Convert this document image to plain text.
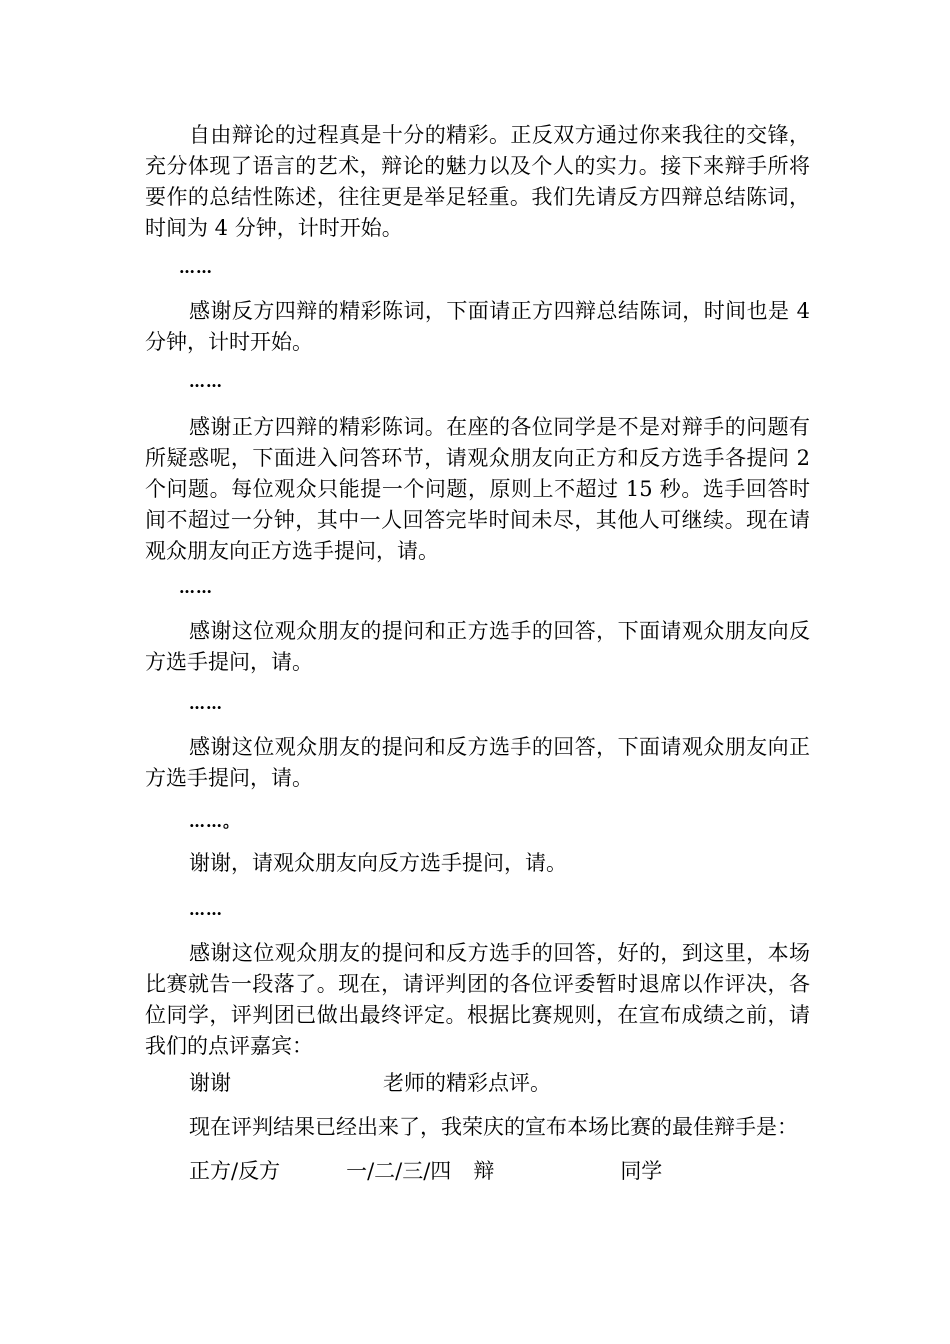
自由辩论的过程真是十分的精彩。正反双方通过你来我往的交锋，充分体现了语言的艺术，辩论的魅力以及个人的实力。接下来辩手所将要作的总结性陈述，往往更是举足轻重。我们先请反方四辩总结陈词，时间为 4 分钟，计时开始。

……

感谢反方四辩的精彩陈词，下面请正方四辩总结陈词，时间也是 4 分钟，计时开始。

……

感谢正方四辩的精彩陈词。在座的各位同学是不是对辩手的问题有所疑惑呢，下面进入问答环节，请观众朋友向正方和反方选手各提问 2 个问题。每位观众只能提一个问题，原则上不超过 15 秒。选手回答时间不超过一分钟，其中一人回答完毕时间未尽，其他人可继续。现在请观众朋友向正方选手提问，请。

……

感谢这位观众朋友的提问和正方选手的回答，下面请观众朋友向反方选手提问，请。

……

感谢这位观众朋友的提问和反方选手的回答，下面请观众朋友向正方选手提问，请。

……。

谢谢，请观众朋友向反方选手提问，请。

……

感谢这位观众朋友的提问和反方选手的回答，好的，到这里，本场比赛就告一段落了。现在，请评判团的各位评委暂时退席以作评决，各位同学，评判团已做出最终评定。根据比赛规则，在宣布成绩之前，请我们的点评嘉宾：

谢谢	老师的精彩点评。

现在评判结果已经出来了，我荣庆的宣布本场比赛的最佳辩手是：

正方/反方	一/二/三/四 辩	同学
